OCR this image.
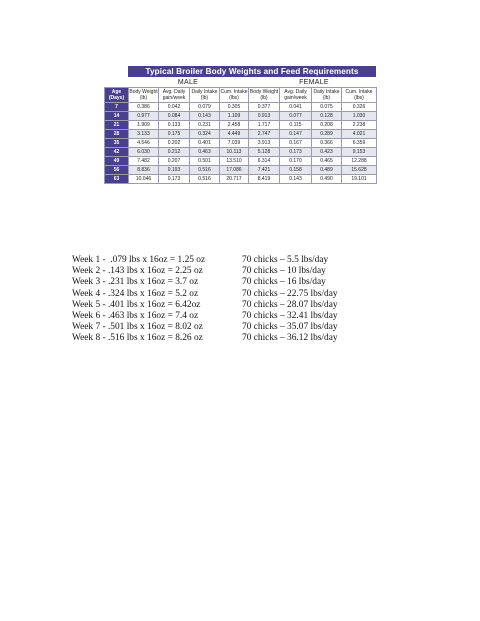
Typical Broiler Body Weights and Feed Requirements
MALE	FEMALE
Age (Days)	Body Weight (lb)	Avg. Daily gain/week	Daily Intake (lb)	Cum. Intake (lbs)	Body Weight (lb)	Avg. Daily gain/week	Daily Intake (lb)	Cum. Intake (lbs)
7	0.386	0.042	0.079	0.305	0.377	0.041	0.075	0.326
14	0.977	0.084	0.143	1.109	0.913	0.077	0.128	1.030
21	1.909	0.133	0.231	2.458	1.717	0.115	0.208	2.238
28	3.133	0.175	0.324	4.449	2.747	0.147	0.289	4.021
35	4.546	0.202	0.401	7.039	3.913	0.167	0.366	6.359
42	6.030	0.212	0.463	10.113	5.128	0.173	0.423	9.153
49	7.482	0.207	0.501	13.510	6.314	0.170	0.465	12.288
56	8.836	0.193	0.516	17.086	7.421	0.158	0.489	15.628
63	10.046	0.173	0.516	20.717	8.419	0.143	0.490	19.101
Week 1 -  .079 lbs x 16oz = 1.25 oz
Week 2 - .143 lbs x 16oz = 2.25 oz
Week 3 - .231 lbs x 16oz = 3.7 oz
Week 4 - .324 lbs x 16oz = 5.2 oz
Week 5 - .401 lbs x 16oz = 6.42oz
Week 6 - .463 lbs x 16oz = 7.4 oz
Week 7 - .501 lbs x 16oz = 8.02 oz
Week 8 - .516 lbs x 16oz = 8.26 oz
70 chicks – 5.5 lbs/day
70 chicks – 10 lbs/day
70 chicks – 16 lbs/day
70 chicks – 22.75 lbs/day
70 chicks – 28.07 lbs/day
70 chicks – 32.41 lbs/day
70 chicks – 35.07 lbs/day
70 chicks – 36.12 lbs/day
